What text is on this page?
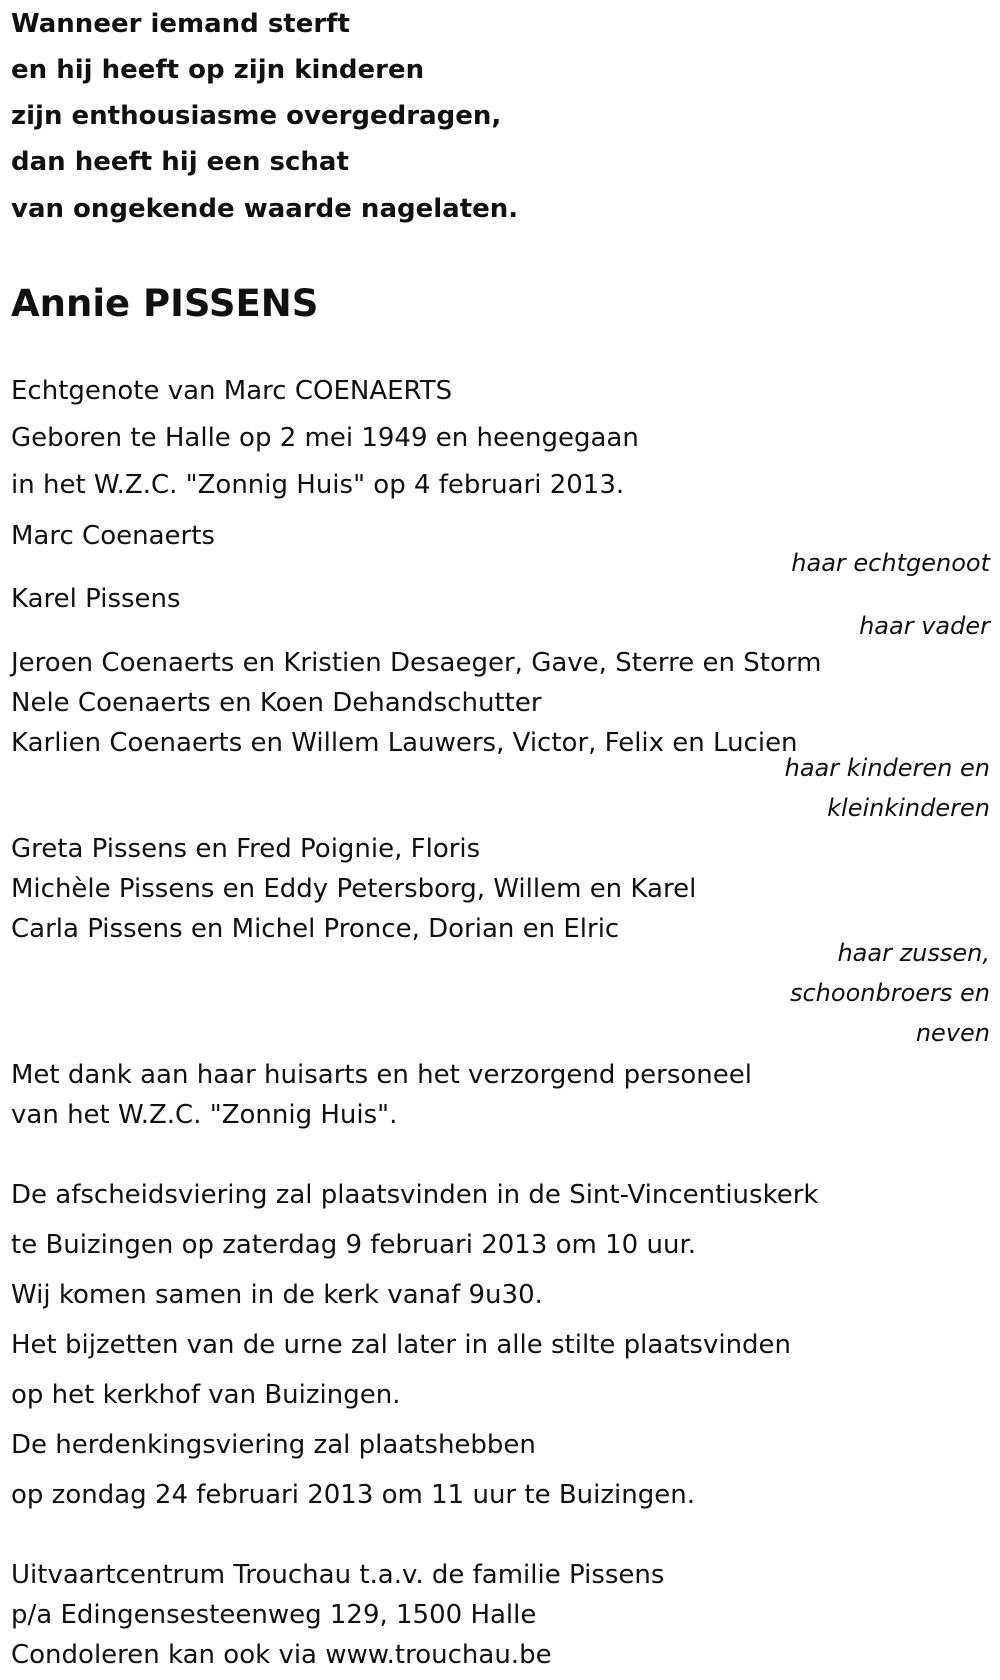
Wanneer iemand sterft
en hij heeft op zijn kinderen
zijn enthousiasme overgedragen,
dan heeft hij een schat
van ongekende waarde nagelaten.
Annie PISSENS
Echtgenote van Marc COENAERTS
Geboren te Halle op 2 mei 1949 en heengegaan
in het W.Z.C. "Zonnig Huis" op 4 februari 2013.
Marc Coenaerts
haar echtgenoot
Karel Pissens
haar vader
Jeroen Coenaerts en Kristien Desaeger, Gave, Sterre en Storm
Nele Coenaerts en Koen Dehandschutter
Karlien Coenaerts en Willem Lauwers, Victor, Felix en Lucien
haar kinderen en
kleinkinderen
Greta Pissens en Fred Poignie, Floris
Michèle Pissens en Eddy Petersborg, Willem en Karel
Carla Pissens en Michel Pronce, Dorian en Elric
haar zussen,
schoonbroers en
neven
Met dank aan haar huisarts en het verzorgend personeel
van het W.Z.C. "Zonnig Huis".
De afscheidsviering zal plaatsvinden in de Sint-Vincentiuskerk
te Buizingen op zaterdag 9 februari 2013 om 10 uur.
Wij komen samen in de kerk vanaf 9u30.
Het bijzetten van de urne zal later in alle stilte plaatsvinden
op het kerkhof van Buizingen.
De herdenkingsviering zal plaatshebben
op zondag 24 februari 2013 om 11 uur te Buizingen.
Uitvaartcentrum Trouchau t.a.v. de familie Pissens
p/a Edingensesteenweg 129, 1500 Halle
Condoleren kan ook via www.trouchau.be
